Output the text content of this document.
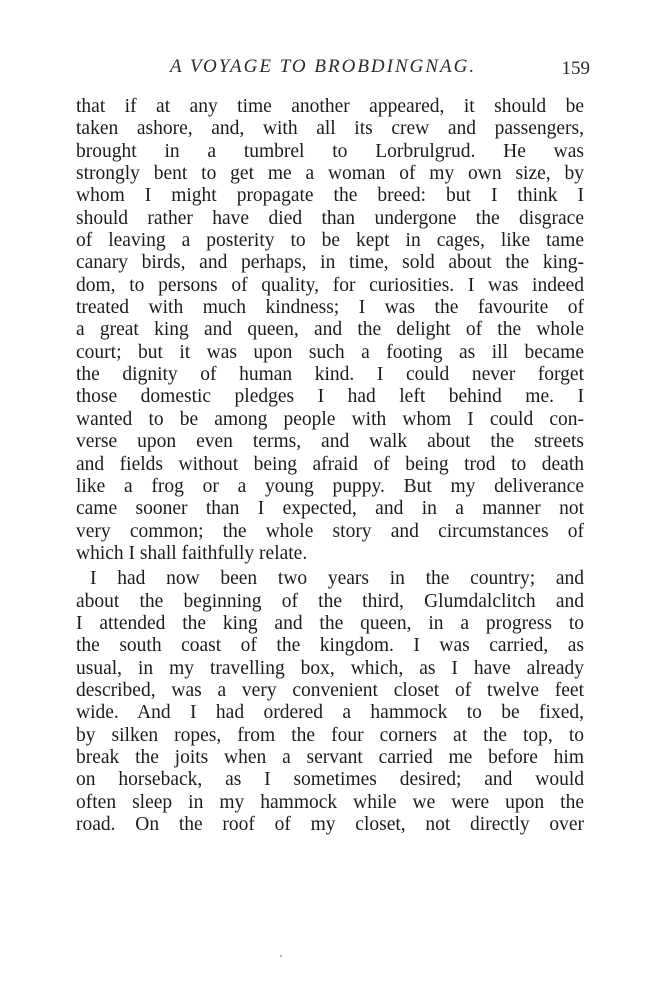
A VOYAGE TO BROBDINGNAG.	159
that if at any time another appeared, it should be
taken ashore, and, with all its crew and passengers,
brought in a tumbrel to Lorbrulgrud. He was
strongly bent to get me a woman of my own size, by
whom I might propagate the breed: but I think I
should rather have died than undergone the disgrace
of leaving a posterity to be kept in cages, like tame
canary birds, and perhaps, in time, sold about the king-
dom, to persons of quality, for curiosities. I was indeed
treated with much kindness; I was the favourite of
a great king and queen, and the delight of the whole
court; but it was upon such a footing as ill became
the dignity of human kind. I could never forget
those domestic pledges I had left behind me. I
wanted to be among people with whom I could con-
verse upon even terms, and walk about the streets
and fields without being afraid of being trod to death
like a frog or a young puppy. But my deliverance
came sooner than I expected, and in a manner not
very common; the whole story and circumstances of
which I shall faithfully relate.
I had now been two years in the country; and
about the beginning of the third, Glumdalclitch and
I attended the king and the queen, in a progress to
the south coast of the kingdom. I was carried, as
usual, in my travelling box, which, as I have already
described, was a very convenient closet of twelve feet
wide. And I had ordered a hammock to be fixed,
by silken ropes, from the four corners at the top, to
break the joits when a servant carried me before him
on horseback, as I sometimes desired; and would
often sleep in my hammock while we were upon the
road. On the roof of my closet, not directly over
